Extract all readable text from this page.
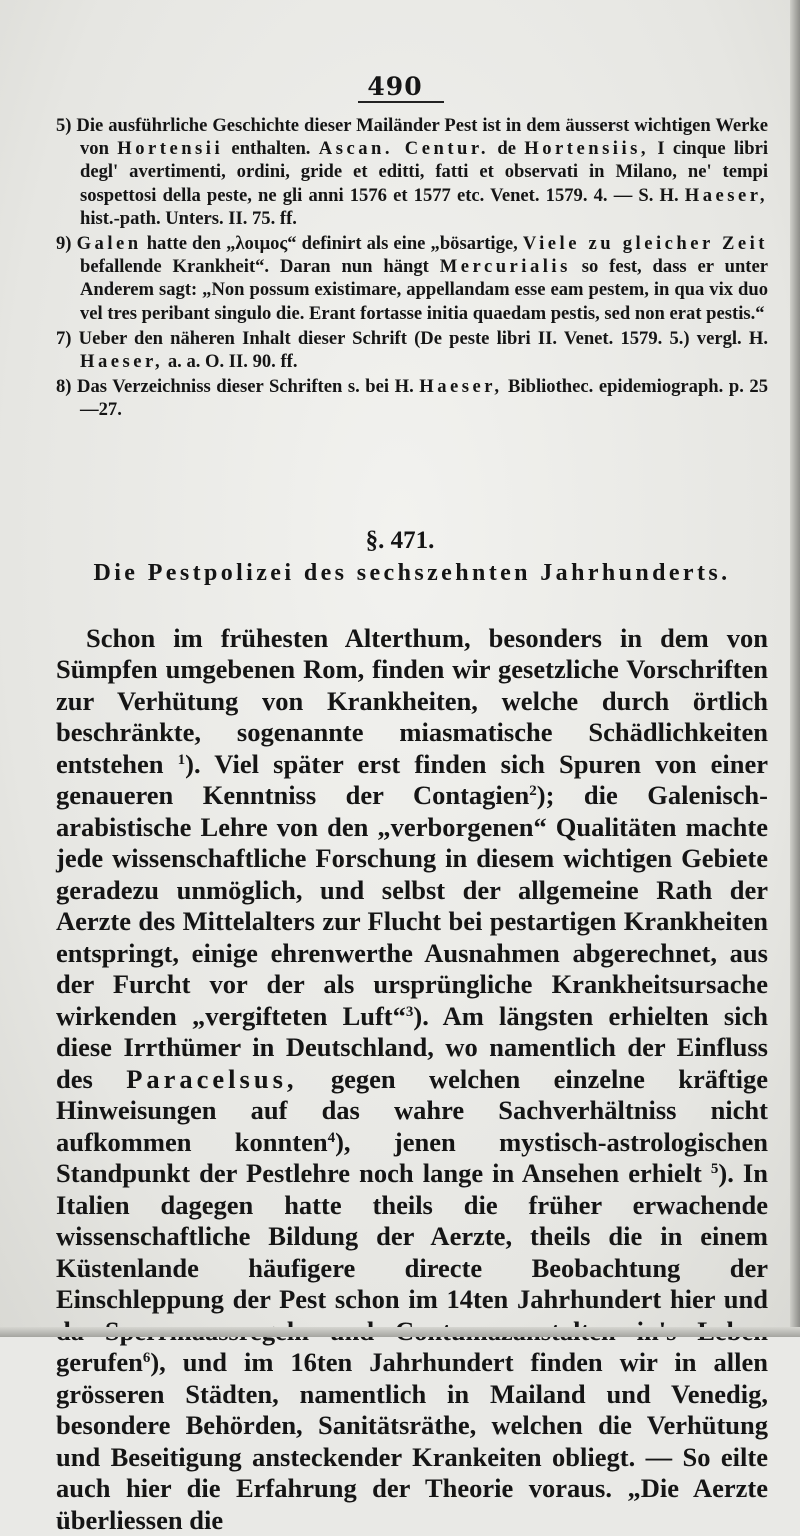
490

5) Die ausführliche Geschichte dieser Mailänder Pest ist in dem äusserst wichtigen Werke von Hortensii enthalten. Ascan. Centur. de Hortensiis, I cinque libri degl' avertimenti, ordini, gride et editti, fatti et observati in Milano, ne' tempi sospettosi della peste, ne gli anni 1576 et 1577 etc. Venet. 1579. 4. — S. H. Haeser, hist.-path. Unters. II. 75. ff.

9) Galen hatte den „λοιμος“ definirt als eine „bösartige, Viele zu gleicher Zeit befallende Krankheit“. Daran nun hängt Mercurialis so fest, dass er unter Anderem sagt: „Non possum existimare, appellandam esse eam pestem, in qua vix duo vel tres peribant singulo die. Erant fortasse initia quaedam pestis, sed non erat pestis.“

7) Ueber den näheren Inhalt dieser Schrift (De peste libri II. Venet. 1579. 5.) vergl. H. Haeser, a. a. O. II. 90. ff.

8) Das Verzeichniss dieser Schriften s. bei H. Haeser, Bibliothec. epidemiograph. p. 25—27.

§. 471.
Die Pestpolizei des sechszehnten Jahrhunderts.

Schon im frühesten Alterthum, besonders in dem von Sümpfen umgebenen Rom, finden wir gesetzliche Vorschriften zur Verhütung von Krankheiten, welche durch örtlich beschränkte, sogenannte miasmatische Schädlichkeiten entstehen $^1$). Viel später erst finden sich Spuren von einer genaueren Kenntniss der Contagien$^2$); die Galenisch-arabistische Lehre von den „verborgenen“ Qualitäten machte jede wissenschaftliche Forschung in diesem wichtigen Gebiete geradezu unmöglich, und selbst der allgemeine Rath der Aerzte des Mittelalters zur Flucht bei pestartigen Krankheiten entspringt, einige ehrenwerthe Ausnahmen abgerechnet, aus der Furcht vor der als ursprüngliche Krankheitsursache wirkenden „vergifteten Luft“$^3$). Am längsten erhielten sich diese Irrthümer in Deutschland, wo namentlich der Einfluss des Paracelsus, gegen welchen einzelne kräftige Hinweisungen auf das wahre Sachverhältniss nicht aufkommen konnten$^4$), jenen mystisch-astrologischen Standpunkt der Pestlehre noch lange in Ansehen erhielt $^5$). In Italien dagegen hatte theils die früher erwachende wissenschaftliche Bildung der Aerzte, theils die in einem Küstenlande häufigere directe Beobachtung der Einschleppung der Pest schon im 14ten Jahrhundert hier und gerufen$^6$), und im 16ten Jahrhundert finden wir in allen grösseren Städten, namentlich in Mailand und Venedig, besondere Behörden, Sanitätsräthe, welchen die Verhütung und Beseitigung ansteckender Krankeiten obliegt. — So eilte auch hier die Erfahrung der Theorie voraus. „Die Aerzte überliessen die
